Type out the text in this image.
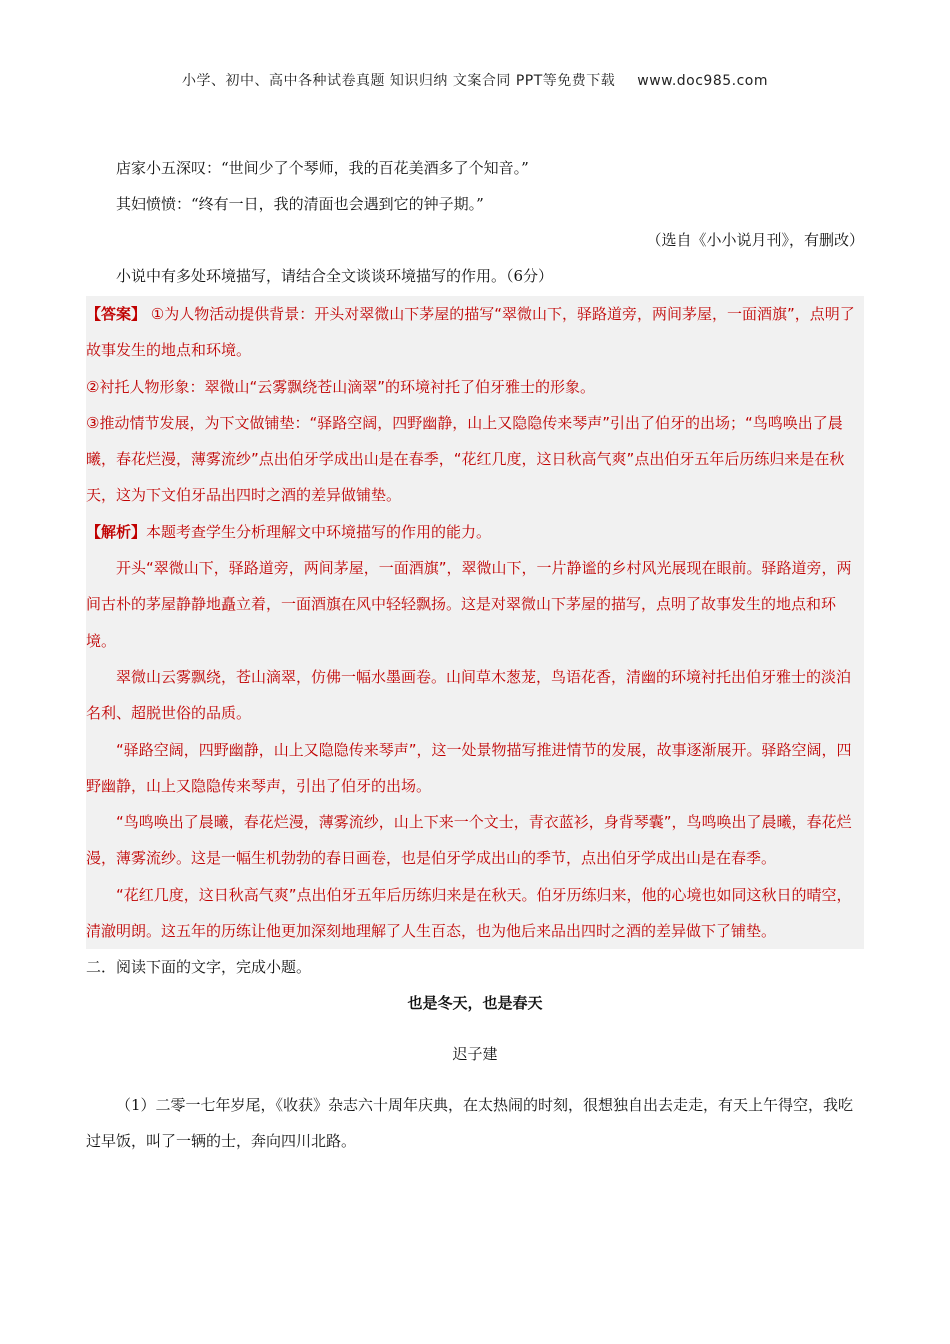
小学、初中、高中各种试卷真题 知识归纳 文案合同 PPT等免费下载 www.doc985.com

店家小五深叹：“世间少了个琴师，我的百花美酒多了个知音。”

其妇愤愤：“终有一日，我的清面也会遇到它的钟子期。”

（选自《小小说月刊》，有删改）

小说中有多处环境描写，请结合全文谈谈环境描写的作用。（6分）

【答案】 ①为人物活动提供背景：开头对翠微山下茅屋的描写“翠微山下，驿路道旁，两间茅屋，一面酒旗”，点明了故事发生的地点和环境。

②衬托人物形象：翠微山“云雾飘绕苍山滴翠”的环境衬托了伯牙雅士的形象。

③推动情节发展，为下文做铺垫：“驿路空阔，四野幽静，山上又隐隐传来琴声”引出了伯牙的出场；“鸟鸣唤出了晨曦，春花烂漫，薄雾流纱”点出伯牙学成出山是在春季，“花红几度，这日秋高气爽”点出伯牙五年后历练归来是在秋天，这为下文伯牙品出四时之酒的差异做铺垫。

【解析】本题考查学生分析理解文中环境描写的作用的能力。

开头“翠微山下，驿路道旁，两间茅屋，一面酒旗”，翠微山下，一片静谧的乡村风光展现在眼前。驿路道旁，两间古朴的茅屋静静地矗立着，一面酒旗在风中轻轻飘扬。这是对翠微山下茅屋的描写，点明了故事发生的地点和环境。

翠微山云雾飘绕，苍山滴翠，仿佛一幅水墨画卷。山间草木葱茏，鸟语花香，清幽的环境衬托出伯牙雅士的淡泊名利、超脱世俗的品质。

“驿路空阔，四野幽静，山上又隐隐传来琴声”，这一处景物描写推进情节的发展，故事逐渐展开。驿路空阔，四野幽静，山上又隐隐传来琴声，引出了伯牙的出场。

“鸟鸣唤出了晨曦，春花烂漫，薄雾流纱，山上下来一个文士，青衣蓝衫，身背琴囊”，鸟鸣唤出了晨曦，春花烂漫，薄雾流纱。这是一幅生机勃勃的春日画卷，也是伯牙学成出山的季节，点出伯牙学成出山是在春季。

“花红几度，这日秋高气爽”点出伯牙五年后历练归来是在秋天。伯牙历练归来，他的心境也如同这秋日的晴空，清澈明朗。这五年的历练让他更加深刻地理解了人生百态，也为他后来品出四时之酒的差异做下了铺垫。

二．阅读下面的文字，完成小题。

也是冬天，也是春天

迟子建

（1）二零一七年岁尾，《收获》杂志六十周年庆典，在太热闹的时刻，很想独自出去走走，有天上午得空，我吃过早饭，叫了一辆的士，奔向四川北路。
